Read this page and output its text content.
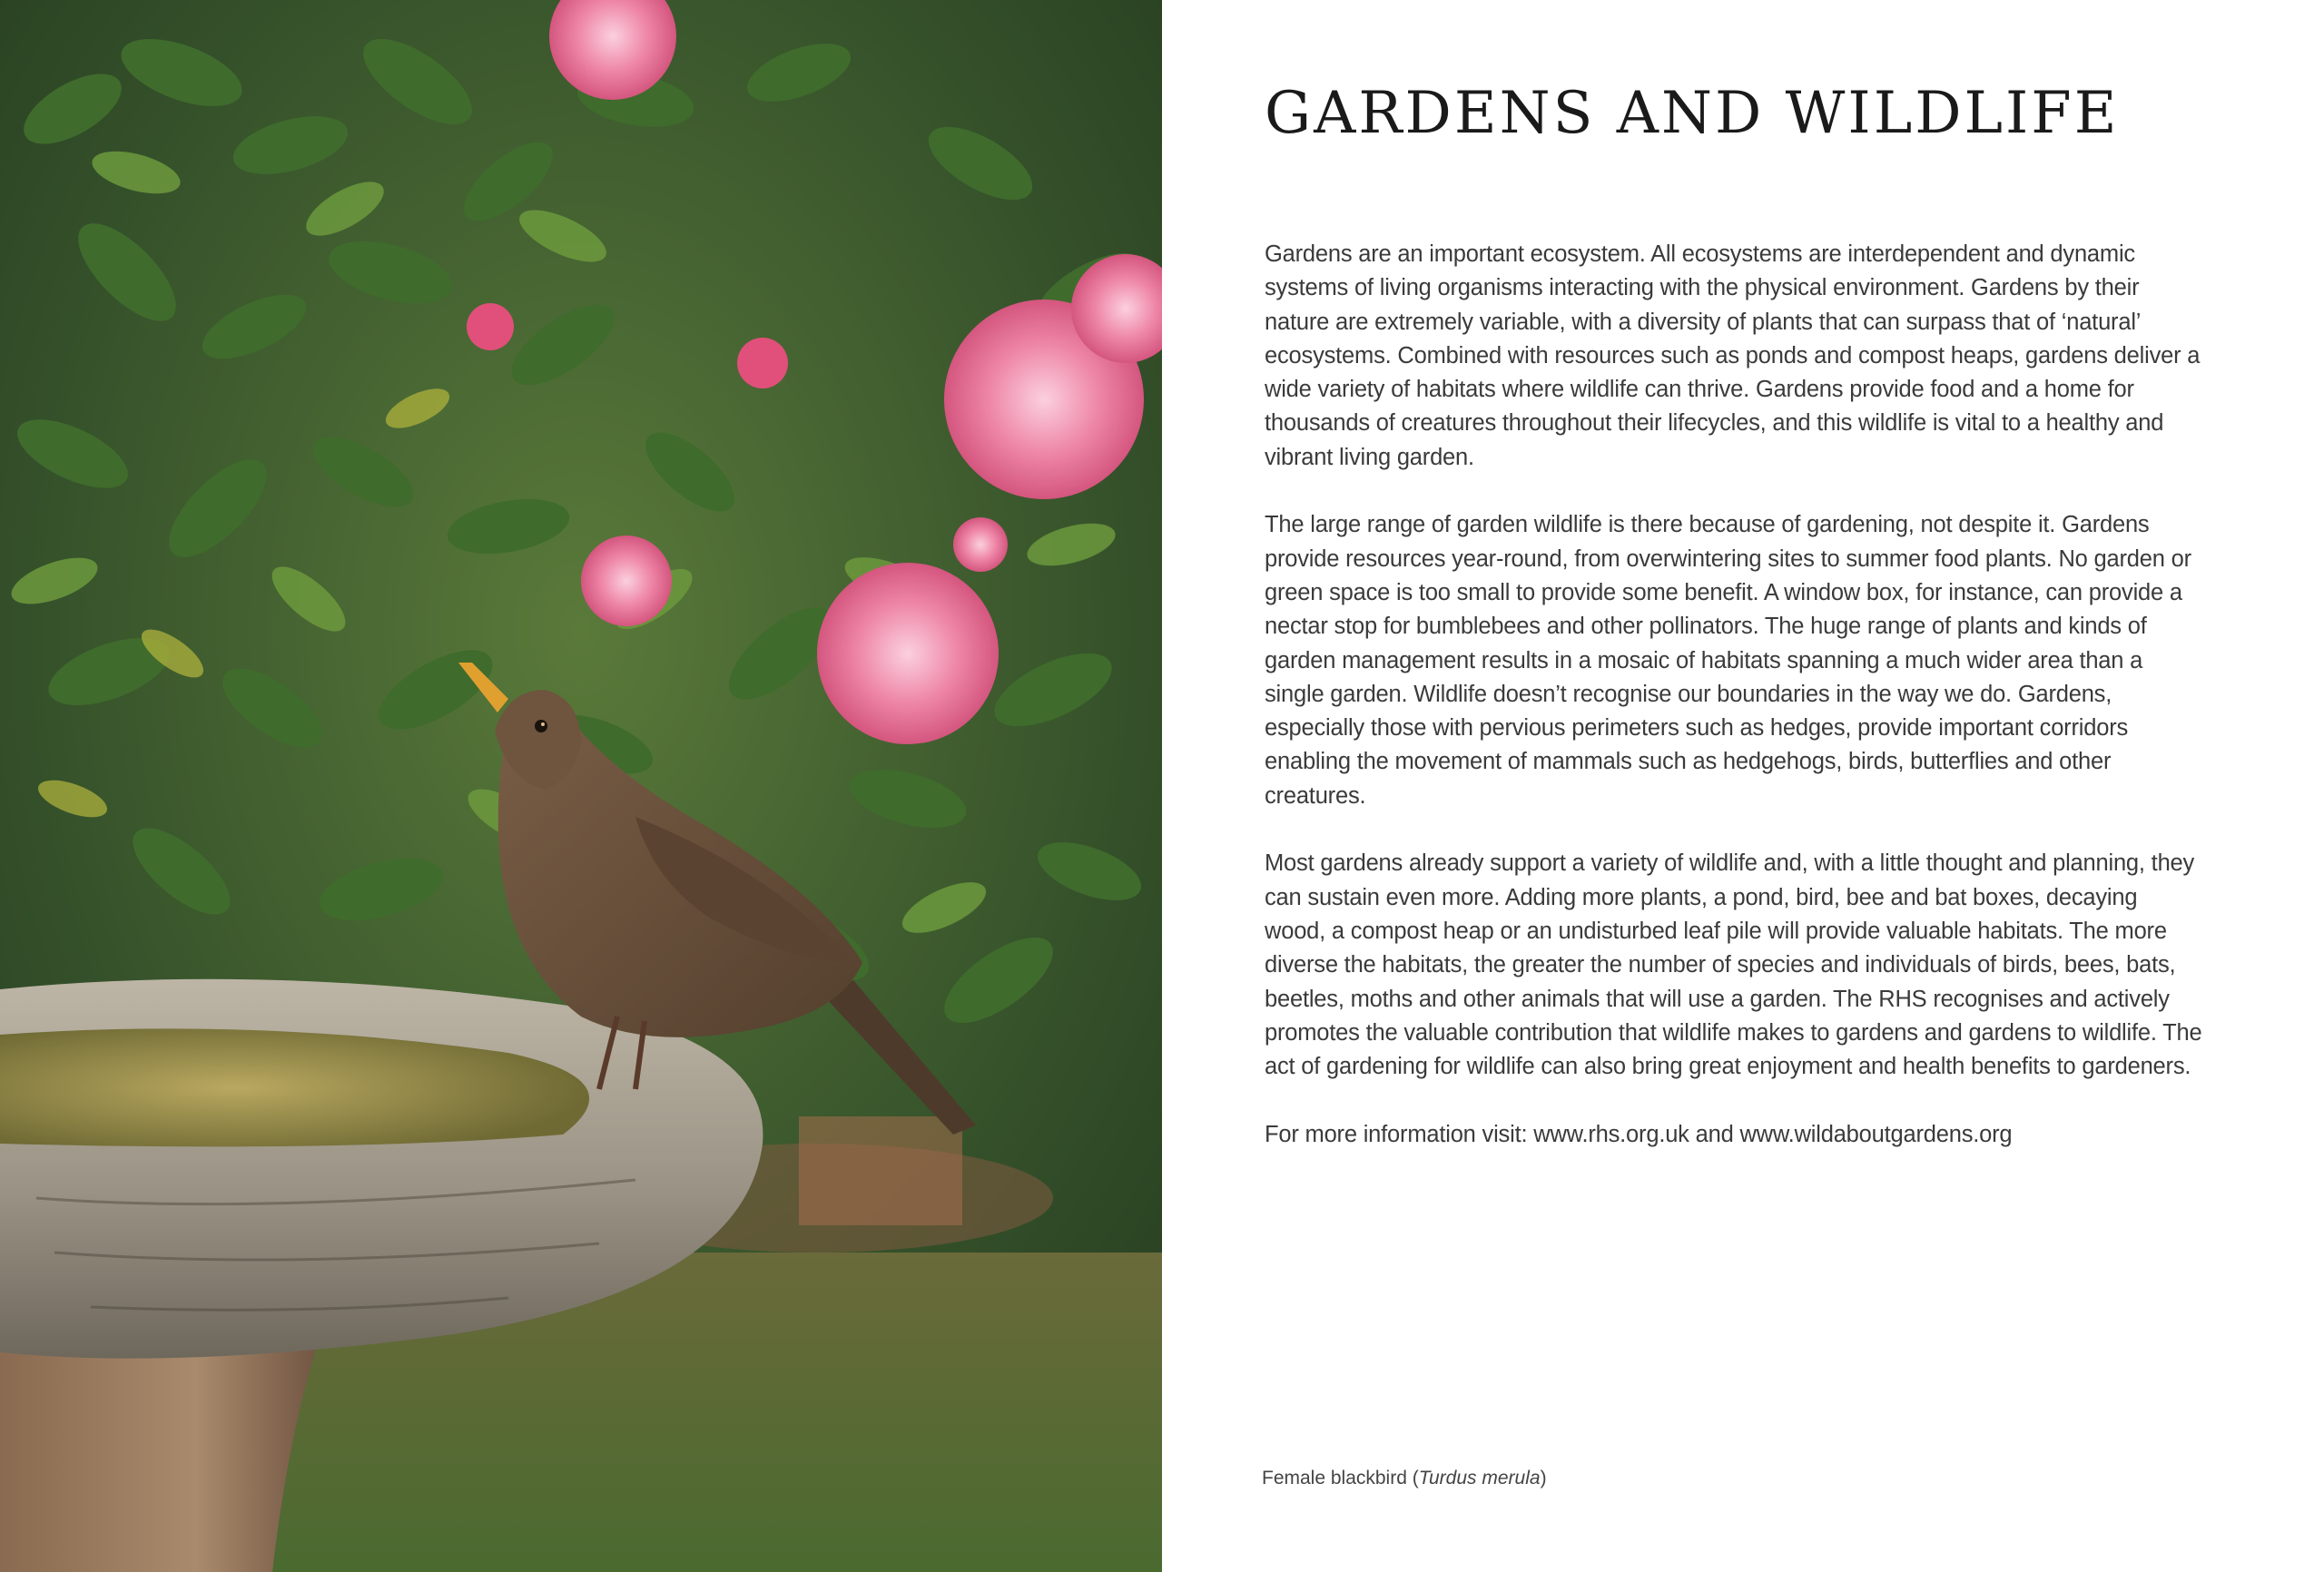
GARDENS AND WILDLIFE

Gardens are an important ecosystem. All ecosystems are interdependent and dynamic systems of living organisms interacting with the physical environment. Gardens by their nature are extremely variable, with a diversity of plants that can surpass that of ‘natural’ ecosystems. Combined with resources such as ponds and compost heaps, gardens deliver a wide variety of habitats where wildlife can thrive. Gardens provide food and a home for thousands of creatures throughout their lifecycles, and this wildlife is vital to a healthy and vibrant living garden.

The large range of garden wildlife is there because of gardening, not despite it. Gardens provide resources year-round, from overwintering sites to summer food plants. No garden or green space is too small to provide some benefit. A window box, for instance, can provide a nectar stop for bumblebees and other pollinators. The huge range of plants and kinds of garden management results in a mosaic of habitats spanning a much wider area than a single garden. Wildlife doesn’t recognise our boundaries in the way we do. Gardens, especially those with pervious perimeters such as hedges, provide important corridors enabling the movement of mammals such as hedgehogs, birds, butterflies and other creatures.

Most gardens already support a variety of wildlife and, with a little thought and planning, they can sustain even more. Adding more plants, a pond, bird, bee and bat boxes, decaying wood, a compost heap or an undisturbed leaf pile will provide valuable habitats. The more diverse the habitats, the greater the number of species and individuals of birds, bees, bats, beetles, moths and other animals that will use a garden. The RHS recognises and actively promotes the valuable contribution that wildlife makes to gardens and gardens to wildlife. The act of gardening for wildlife can also bring great enjoyment and health benefits to gardeners.

For more information visit: www.rhs.org.uk and www.wildaboutgardens.org

Female blackbird (Turdus merula)
